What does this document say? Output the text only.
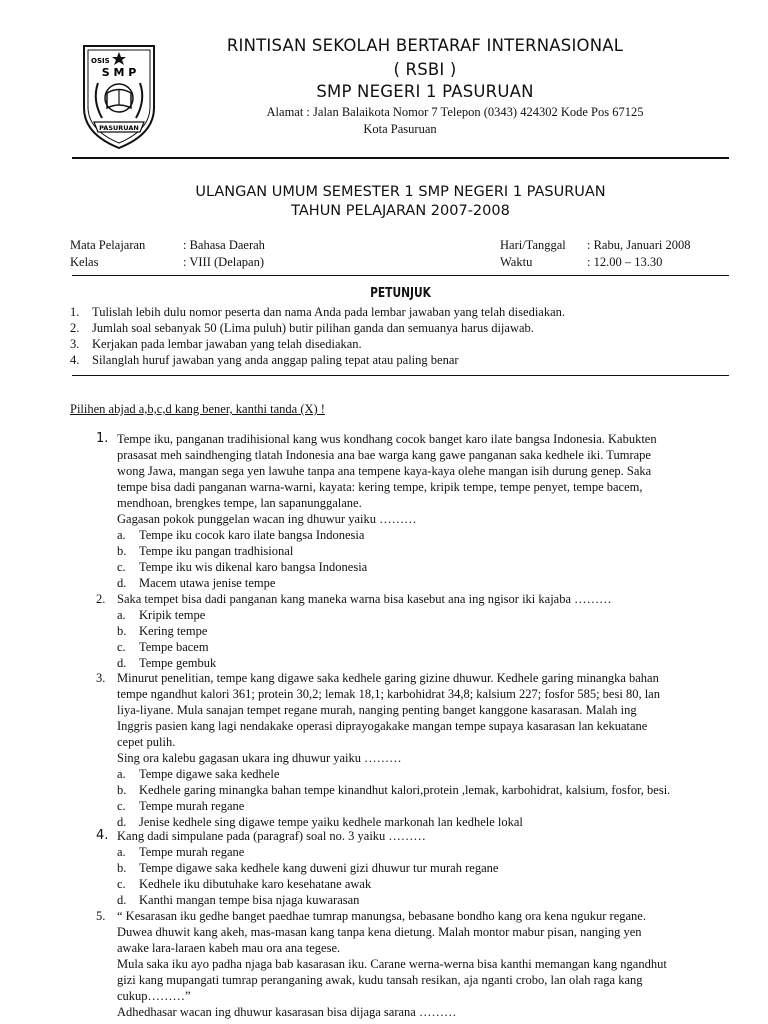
OSIS
S M P
PASURUAN
RINTISAN SEKOLAH BERTARAF INTERNASIONAL
( RSBI )
SMP NEGERI 1 PASURUAN
Alamat : Jalan Balaikota Nomor 7 Telepon (0343) 424302 Kode Pos 67125
Kota Pasuruan
ULANGAN UMUM SEMESTER 1 SMP NEGERI 1 PASURUAN
TAHUN PELAJARAN 2007-2008
Mata Pelajaran	: Bahasa Daerah
Kelas	: VIII (Delapan)
Hari/Tanggal : Rabu, Januari 2008
Waktu	: 12.00 – 13.30
PETUNJUK
1. Tulislah lebih dulu nomor peserta dan nama Anda pada lembar jawaban yang telah disediakan.
2. Jumlah soal sebanyak 50 (Lima puluh) butir pilihan ganda dan semuanya harus dijawab.
3. Kerjakan pada lembar jawaban yang telah disediakan.
4. Silanglah huruf jawaban yang anda anggap paling tepat atau paling benar
Pilihen abjad a,b,c,d kang bener, kanthi tanda (X) !
1. Tempe iku, panganan tradihisional kang wus kondhang cocok banget karo ilate bangsa Indonesia. Kabukten

prasasat meh saindhenging tlatah Indonesia ana bae warga kang gawe panganan saka kedhele iki. Tumrape

wong Jawa, mangan sega yen lawuhe tanpa ana tempene kaya-kaya olehe mangan isih durung genep. Saka

tempe bisa dadi panganan warna-warni, kayata: kering tempe, kripik tempe, tempe penyet, tempe bacem,

mendhoan, brengkes tempe, lan sapanunggalane.

Gagasan pokok punggelan wacan ing dhuwur yaiku ………

a. Tempe iku cocok karo ilate bangsa Indonesia
b. Tempe iku pangan tradhisional
c. Tempe iku wis dikenal karo bangsa Indonesia
d. Macem utawa jenise tempe
2. Saka tempet bisa dadi panganan kang maneka warna bisa kasebut ana ing ngisor iki kajaba ………

a. Kripik tempe
b. Kering tempe
c. Tempe bacem
d. Tempe gembuk
3. Minurut penelitian, tempe kang digawe saka kedhele garing gizine dhuwur. Kedhele garing minangka bahan

tempe ngandhut kalori 361; protein 30,2; lemak 18,1; karbohidrat 34,8; kalsium 227; fosfor 585; besi 80, lan

liya-liyane. Mula sanajan tempet regane murah, nanging penting banget kanggone kasarasan. Malah ing

Inggris pasien kang lagi nendakake operasi diprayogakake mangan tempe supaya kasarasan lan kekuatane

cepet pulih.

Sing ora kalebu gagasan ukara ing dhuwur yaiku ………

a. Tempe digawe saka kedhele
b. Kedhele garing minangka bahan tempe kinandhut kalori,protein ,lemak, karbohidrat, kalsium, fosfor, besi.
c. Tempe murah regane
d. Jenise kedhele sing digawe tempe yaiku kedhele markonah lan kedhele lokal
4. Kang dadi simpulane pada (paragraf) soal no. 3 yaiku ………

a. Tempe murah regane
b. Tempe digawe saka kedhele kang duweni gizi dhuwur tur murah regane
c. Kedhele iku dibutuhake karo kesehatane awak
d. Kanthi mangan tempe bisa njaga kuwarasan
5. “ Kesarasan iku gedhe banget paedhae tumrap manungsa, bebasane bondho kang ora kena ngukur regane.

Duwea dhuwit kang akeh, mas-masan kang tanpa kena dietung. Malah montor mabur pisan, nanging yen

awake lara-laraen kabeh mau ora ana tegese.

Mula saka iku ayo padha njaga bab kasarasan iku. Carane werna-werna bisa kanthi memangan kang ngandhut

gizi kang mupangati tumrap peranganing awak, kudu tansah resikan, aja nganti crobo, lan olah raga kang

cukup………”

Adhedhasar wacan ing dhuwur kasarasan bisa dijaga sarana ………
